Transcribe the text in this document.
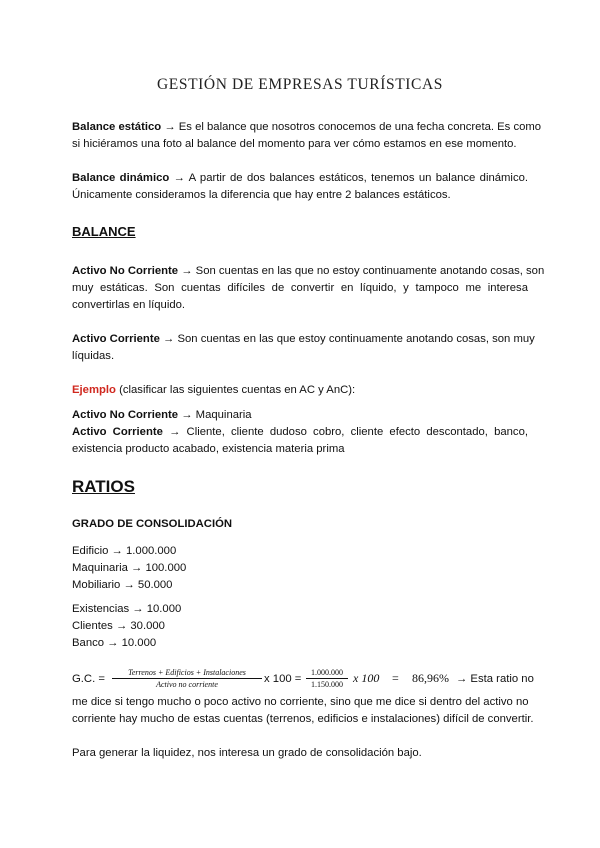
GESTIÓN DE EMPRESAS TURÍSTICAS
Balance estático → Es el balance que nosotros conocemos de una fecha concreta. Es como
si hiciéramos una foto al balance del momento para ver cómo estamos en ese momento.
Balance dinámico → A partir de dos balances estáticos, tenemos un balance dinámico.
Únicamente consideramos la diferencia que hay entre 2 balances estáticos.
BALANCE
Activo No Corriente → Son cuentas en las que no estoy continuamente anotando cosas, son
muy estáticas. Son cuentas difíciles de convertir en líquido, y tampoco me interesa
convertirlas en líquido.
Activo Corriente → Son cuentas en las que estoy continuamente anotando cosas, son muy
líquidas.
Ejemplo (clasificar las siguientes cuentas en AC y AnC):
Activo No Corriente → Maquinaria
Activo Corriente → Cliente, cliente dudoso cobro, cliente efecto descontado, banco,
existencia producto acabado, existencia materia prima
RATIOS
GRADO DE CONSOLIDACIÓN
Edificio → 1.000.000
Maquinaria → 100.000
Mobiliario → 50.000
Existencias → 10.000
Clientes → 30.000
Banco → 10.000
G.C. =
Terrenos + Edificios + Instalaciones
Activo no corriente	x $100 = \frac{1.000.000}{1.150.000}$ x 100 = 86,96% → Esta ratio no
me dice si tengo mucho o poco activo no corriente, sino que me dice si dentro del activo no
corriente hay mucho de estas cuentas (terrenos, edificios e instalaciones) difícil de convertir.
Para generar la liquidez, nos interesa un grado de consolidación bajo.
